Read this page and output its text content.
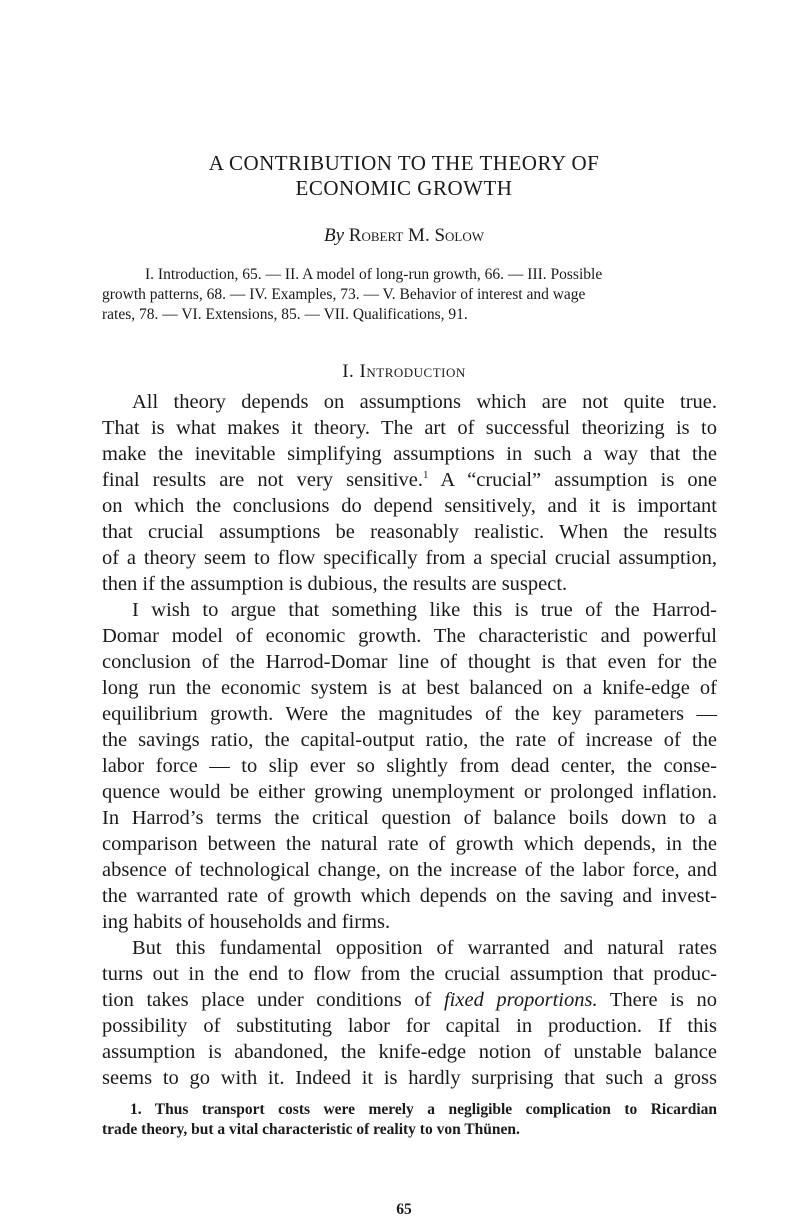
A CONTRIBUTION TO THE THEORY OF
ECONOMIC GROWTH
By Robert M. Solow
I. Introduction, 65. — II. A model of long-run growth, 66. — III. Possible
growth patterns, 68. — IV. Examples, 73. — V. Behavior of interest and wage
rates, 78. — VI. Extensions, 85. — VII. Qualifications, 91.
I. Introduction
All theory depends on assumptions which are not quite true.
That is what makes it theory. The art of successful theorizing is to
make the inevitable simplifying assumptions in such a way that the
final results are not very sensitive.$^1$ A “crucial” assumption is one
on which the conclusions do depend sensitively, and it is important
that crucial assumptions be reasonably realistic. When the results
of a theory seem to flow specifically from a special crucial assumption,
then if the assumption is dubious, the results are suspect.
I wish to argue that something like this is true of the Harrod-
Domar model of economic growth. The characteristic and powerful
conclusion of the Harrod-Domar line of thought is that even for the
long run the economic system is at best balanced on a knife-edge of
equilibrium growth. Were the magnitudes of the key parameters —
the savings ratio, the capital-output ratio, the rate of increase of the
labor force — to slip ever so slightly from dead center, the conse-
quence would be either growing unemployment or prolonged inflation.
In Harrod’s terms the critical question of balance boils down to a
comparison between the natural rate of growth which depends, in the
absence of technological change, on the increase of the labor force, and
the warranted rate of growth which depends on the saving and invest-
ing habits of households and firms.
But this fundamental opposition of warranted and natural rates
turns out in the end to flow from the crucial assumption that produc-
tion takes place under conditions of fixed proportions. There is no
possibility of substituting labor for capital in production. If this
assumption is abandoned, the knife-edge notion of unstable balance
seems to go with it. Indeed it is hardly surprising that such a gross
1. Thus transport costs were merely a negligible complication to Ricardian
trade theory, but a vital characteristic of reality to von Thünen.
65
